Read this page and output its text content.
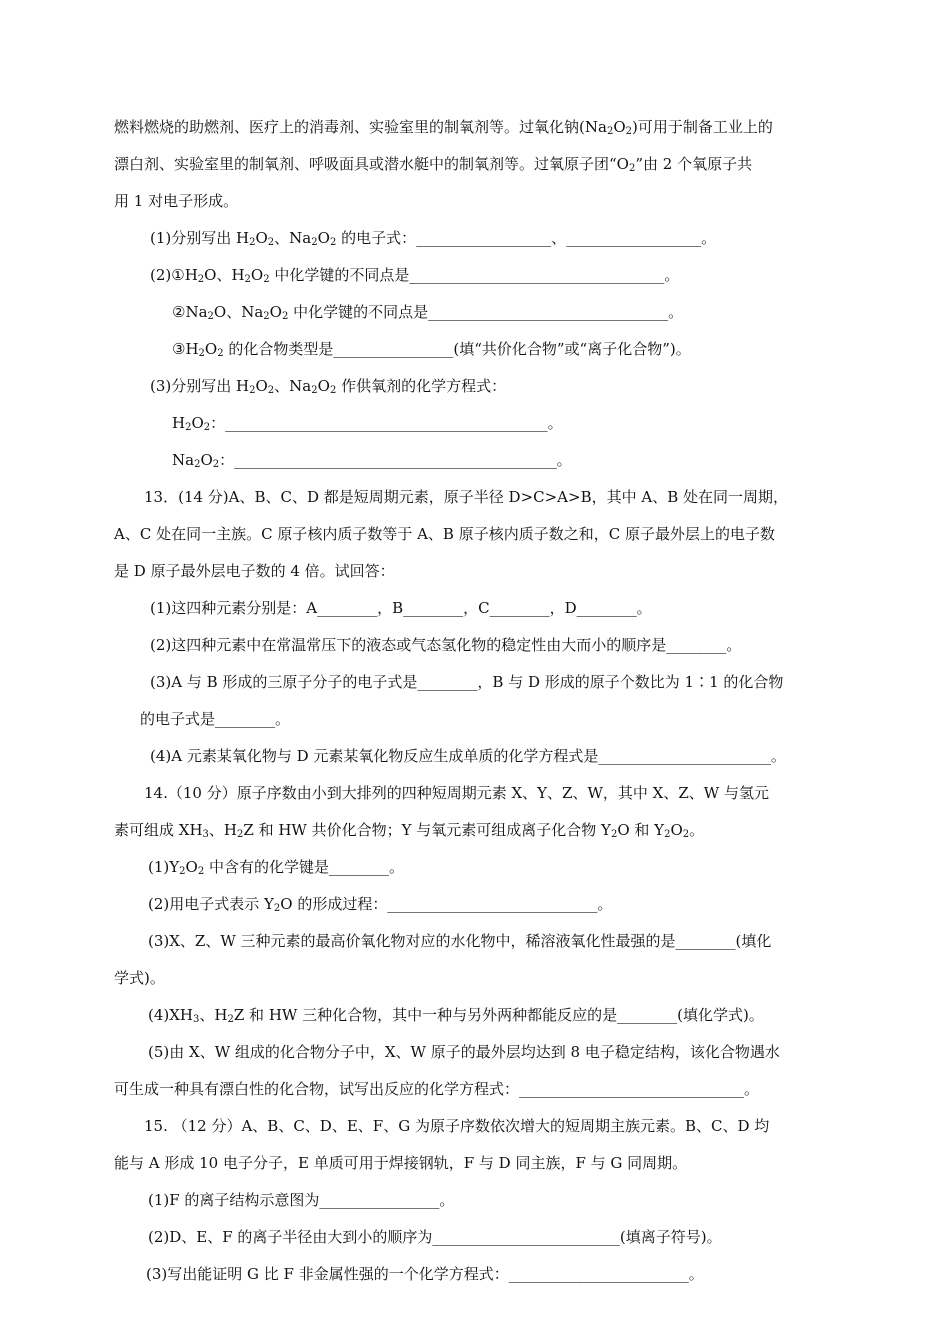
燃料燃烧的助燃剂、医疗上的消毒剂、实验室里的制氧剂等。过氧化钠$(Na_2O_2)$可用于制备工业上的
漂白剂、实验室里的制氧剂、呼吸面具或潜水艇中的制氧剂等。过氧原子团“$O_2$”由 2 个氧原子共
用 1 对电子形成。
(1)分别写出 $H_2O_2$、$Na_2O_2$ 的电子式：__________________、__________________。
$(2)①H_2O$、$H_2O_2$ 中化学键的不同点是__________________________________。
$②Na_2O$、$Na_2O_2$ 中化学键的不同点是________________________________。
$③H_2O_2$ 的化合物类型是________________(填“共价化合物”或“离子化合物”)。
(3)分别写出 $H_2O_2$、$Na_2O_2$ 作供氧剂的化学方程式：
$H_2O_2$：___________________________________________。
$Na_2O_2$：___________________________________________。
13．(14 分)A、B、C、D 都是短周期元素，原子半径 D>C>A>B，其中 A、B 处在同一周期，
A、C 处在同一主族。C 原子核内质子数等于 A、B 原子核内质子数之和，C 原子最外层上的电子数
是 D 原子最外层电子数的 4 倍。试回答：
(1)这四种元素分别是：A________，B________，C________，D________。
(2)这四种元素中在常温常压下的液态或气态氢化物的稳定性由大而小的顺序是________。
(3)A 与 B 形成的三原子分子的电子式是________，B 与 D 形成的原子个数比为 1∶1 的化合物
的电子式是________。
(4)A 元素某氧化物与 D 元素某氧化物反应生成单质的化学方程式是_______________________。
14.（10 分）原子序数由小到大排列的四种短周期元素 X、Y、Z、W，其中 X、Z、W 与氢元
素可组成 $XH_3$、$H_2Z$ 和 HW 共价化合物；Y 与氧元素可组成离子化合物 $Y_2O$ 和 $Y_2O_2$。
$(1)Y_2O_2$ 中含有的化学键是________。
(2)用电子式表示 $Y_2O$ 的形成过程：____________________________。
(3)X、Z、W 三种元素的最高价氧化物对应的水化物中，稀溶液氧化性最强的是________(填化
学式)。
$(4)XH_3$、$H_2Z$ 和 HW 三种化合物，其中一种与另外两种都能反应的是________(填化学式)。
(5)由 X、W 组成的化合物分子中，X、W 原子的最外层均达到 8 电子稳定结构，该化合物遇水
可生成一种具有漂白性的化合物，试写出反应的化学方程式：______________________________。
15. （12 分）A、B、C、D、E、F、G 为原子序数依次增大的短周期主族元素。B、C、D 均
能与 A 形成 10 电子分子，E 单质可用于焊接钢轨，F 与 D 同主族，F 与 G 同周期。
(1)F 的离子结构示意图为________________。
(2)D、E、F 的离子半径由大到小的顺序为_________________________(填离子符号)。
(3)写出能证明 G 比 F 非金属性强的一个化学方程式：________________________。
